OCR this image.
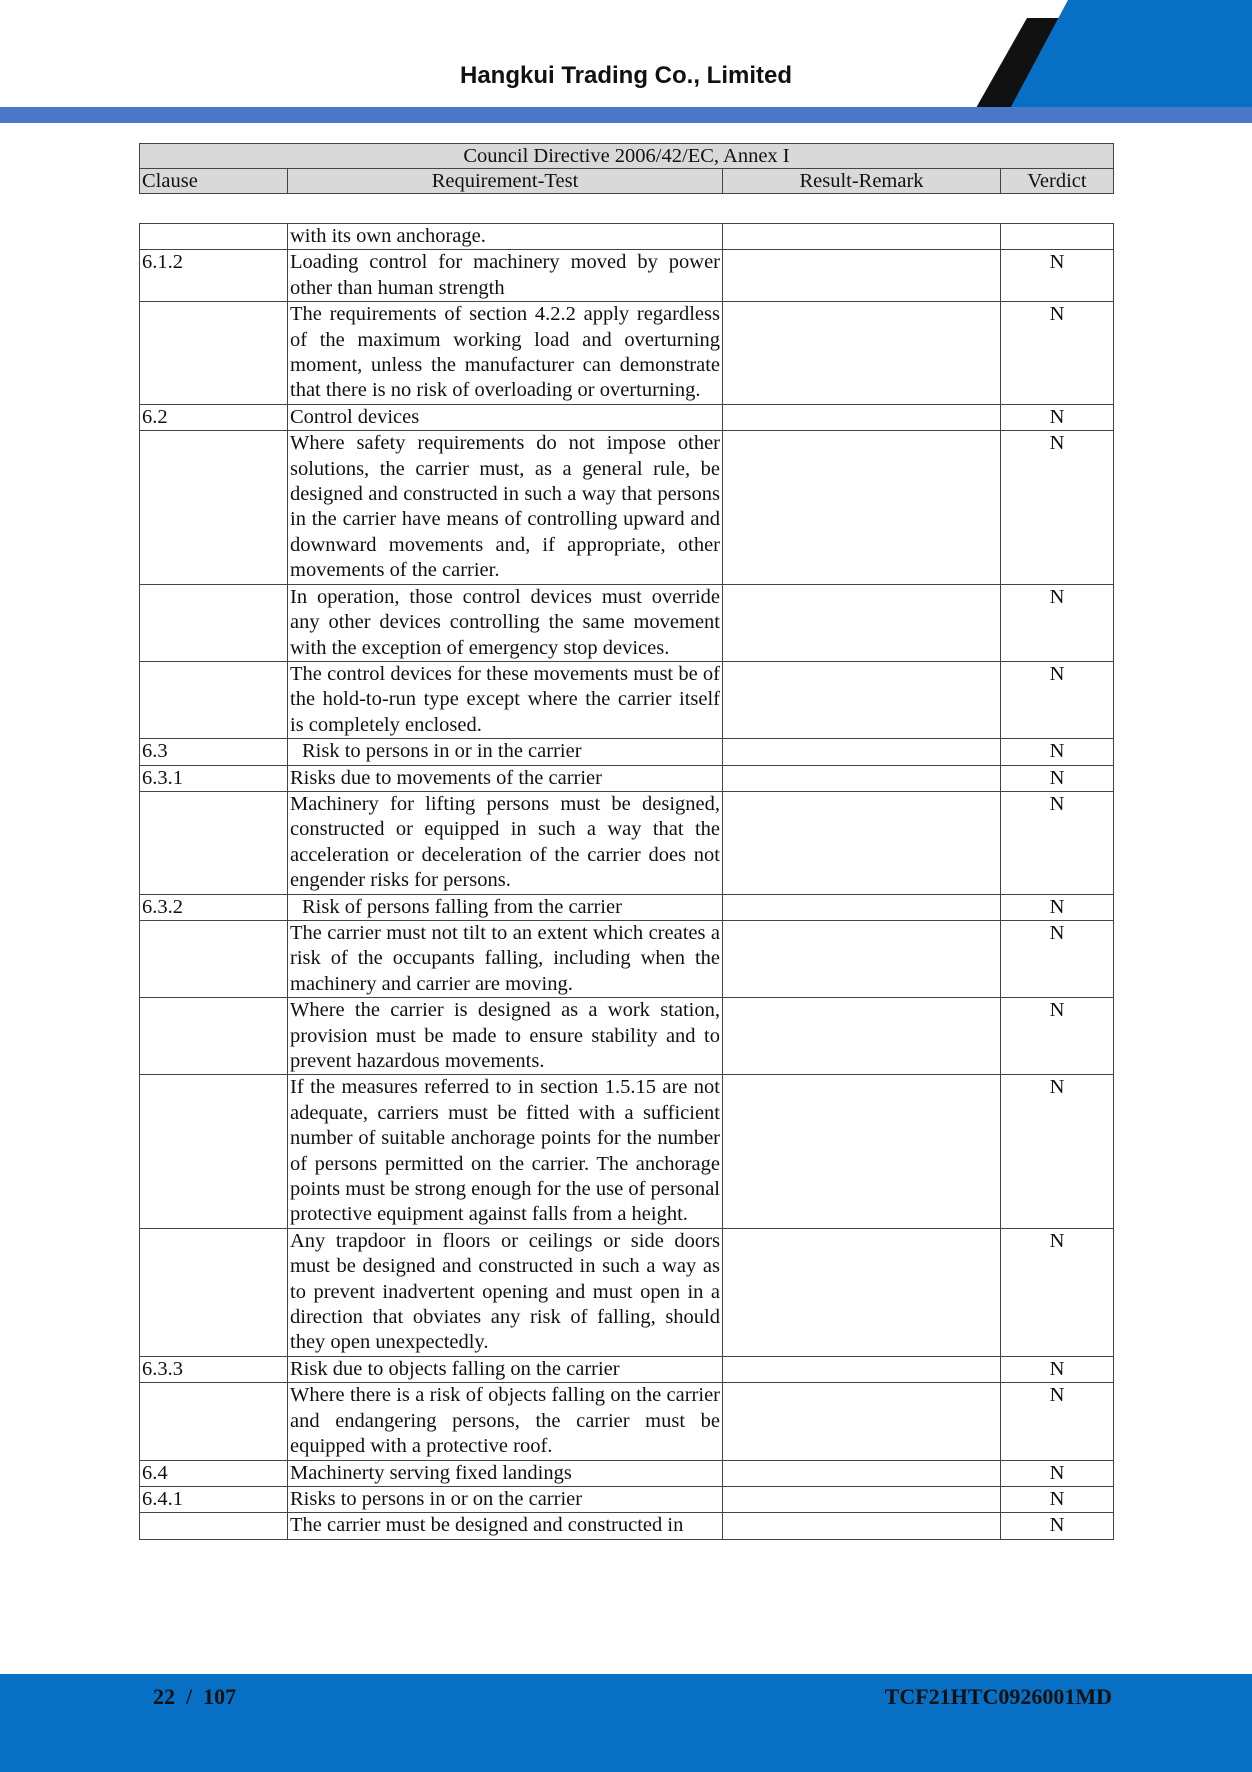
Hangkui Trading Co., Limited
Council Directive 2006/42/EC, Annex I
Clause	Requirement-Test	Result-Remark	Verdict
	with its own anchorage.		
6.1.2	Loading control for machinery moved by power other than human strength		N
	The requirements of section 4.2.2 apply regardless of the maximum working load and overturning moment, unless the manufacturer can demonstrate that there is no risk of overloading or overturning.		N
6.2	Control devices		N
	Where safety requirements do not impose other solutions, the carrier must, as a general rule, be designed and constructed in such a way that persons in the carrier have means of controlling upward and downward movements and, if appropriate, other movements of the carrier.		N
	In operation, those control devices must override any other devices controlling the same movement with the exception of emergency stop devices.		N
	The control devices for these movements must be of the hold-to-run type except where the carrier itself is completely enclosed.		N
6.3	Risk to persons in or in the carrier		N
6.3.1	Risks due to movements of the carrier		N
	Machinery for lifting persons must be designed, constructed or equipped in such a way that the acceleration or deceleration of the carrier does not engender risks for persons.		N
6.3.2	Risk of persons falling from the carrier		N
	The carrier must not tilt to an extent which creates a risk of the occupants falling, including when the machinery and carrier are moving.		N
	Where the carrier is designed as a work station, provision must be made to ensure stability and to prevent hazardous movements.		N
	If the measures referred to in section 1.5.15 are not adequate, carriers must be fitted with a sufficient number of suitable anchorage points for the number of persons permitted on the carrier. The anchorage points must be strong enough for the use of personal protective equipment against falls from a height.		N
	Any trapdoor in floors or ceilings or side doors must be designed and constructed in such a way as to prevent inadvertent opening and must open in a direction that obviates any risk of falling, should they open unexpectedly.		N
6.3.3	Risk due to objects falling on the carrier		N
	Where there is a risk of objects falling on the carrier and endangering persons, the carrier must be equipped with a protective roof.		N
6.4	Machinerty serving fixed landings		N
6.4.1	Risks to persons in or on the carrier		N
	The carrier must be designed and constructed in		N
22  /  107	TCF21HTC0926001MD
